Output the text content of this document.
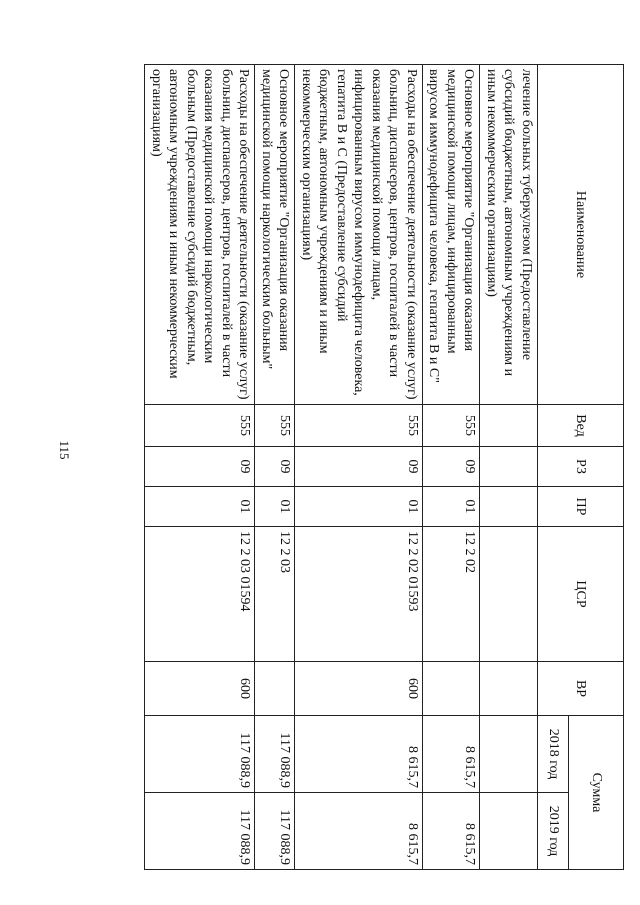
115
Наименование	Вед	РЗ	ПР	ЦСР	ВР	Сумма	
						2018 год	2019 год
лечение больных туберкулезом (Предоставление субсидий бюджетным, автономным учреждениям и иным некоммерческим организациям)							
Основное мероприятие "Организация оказания медицинской помощи лицам, инфицированным вирусом иммунодефицита человека, гепатита В и С"	555	09	01	12 2 02		8 615,7	8 615,7
Расходы на обеспечение деятельности (оказание услуг) больниц, диспансеров, центров, госпиталей в части оказания медицинской помощи лицам, инфицированным вирусом иммунодефицита человека, гепатита В и С (Предоставление субсидий бюджетным, автономным учреждениям и иным некоммерческим организациям)	555	09	01	12 2 02 01593	600	8 615,7	8 615,7
Основное мероприятие "Организация оказания медицинской помощи наркологическим больным"	555	09	01	12 2 03		117 088,9	117 088,9
Расходы на обеспечение деятельности (оказание услуг) больниц, диспансеров, центров, госпиталей в части оказания медицинской помощи наркологическим больным (Предоставление субсидий бюджетным, автономным учреждениям и иным некоммерческим организациям)	555	09	01	12 2 03 01594	600	117 088,9	117 088,9
